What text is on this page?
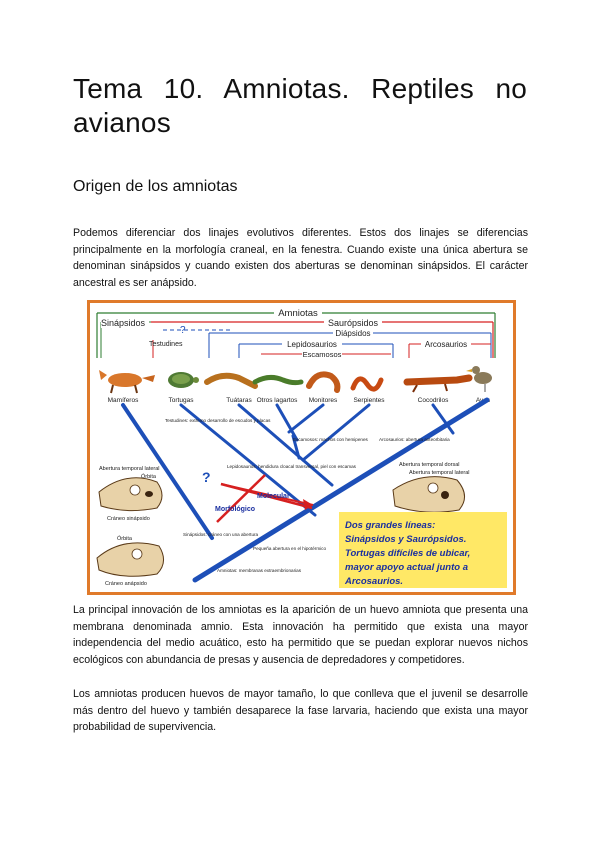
Tema 10. Amniotas. Reptiles no
avianos
Origen de los amniotas

Podemos diferenciar dos linajes evolutivos diferentes. Estos dos linajes se diferencias principalmente en la morfología craneal, en la fenestra. Cuando existe una única abertura se denominan sinápsidos y cuando existen dos aberturas se denominan sinápsidos. El carácter ancestral es ser anápsido.

Amniotas
Sinápsidos	Saurópsidos
?	Diápsidos
Testudines	Lepidosaurios	Arcosaurios
Escamosos
Mamíferos	Tortugas	Tuátaras Otros lagartos Monitores Serpientes	Cocodrilos	Aves
?
Molecular
Morfológico
Abertura temporal lateral
Órbita
Cráneo sinápsido
Órbita
Cráneo anápsido
Abertura temporal dorsal
Abertura temporal lateral
Testudines: extremo desarrollo de escudos y placas
Lepidosaurios: hendidura cloacal transversal, piel con escamas
Escamosos: machos con hemipenes Arcosaurios: abertura anteorbitaria
Sinápsidos: cráneo con una abertura
Pequeña abertura en el hipotérmico
Amniotas: membranas extraembrionarias
Dos grandes líneas:
Sinápsidos y Saurópsidos.
Tortugas difíciles de ubicar,
mayor apoyo actual junto a
Arcosaurios.

La principal innovación de los amniotas es la aparición de un huevo amniota que presenta una membrana denominada amnio. Esta innovación ha permitido que exista una mayor independencia del medio acuático, esto ha permitido que se puedan explorar nuevos nichos ecológicos con abundancia de presas y ausencia de depredadores y competidores.

Los amniotas producen huevos de mayor tamaño, lo que conlleva que el juvenil se desarrolle más dentro del huevo y también desaparece la fase larvaria, haciendo que exista una mayor probabilidad de supervivencia.
